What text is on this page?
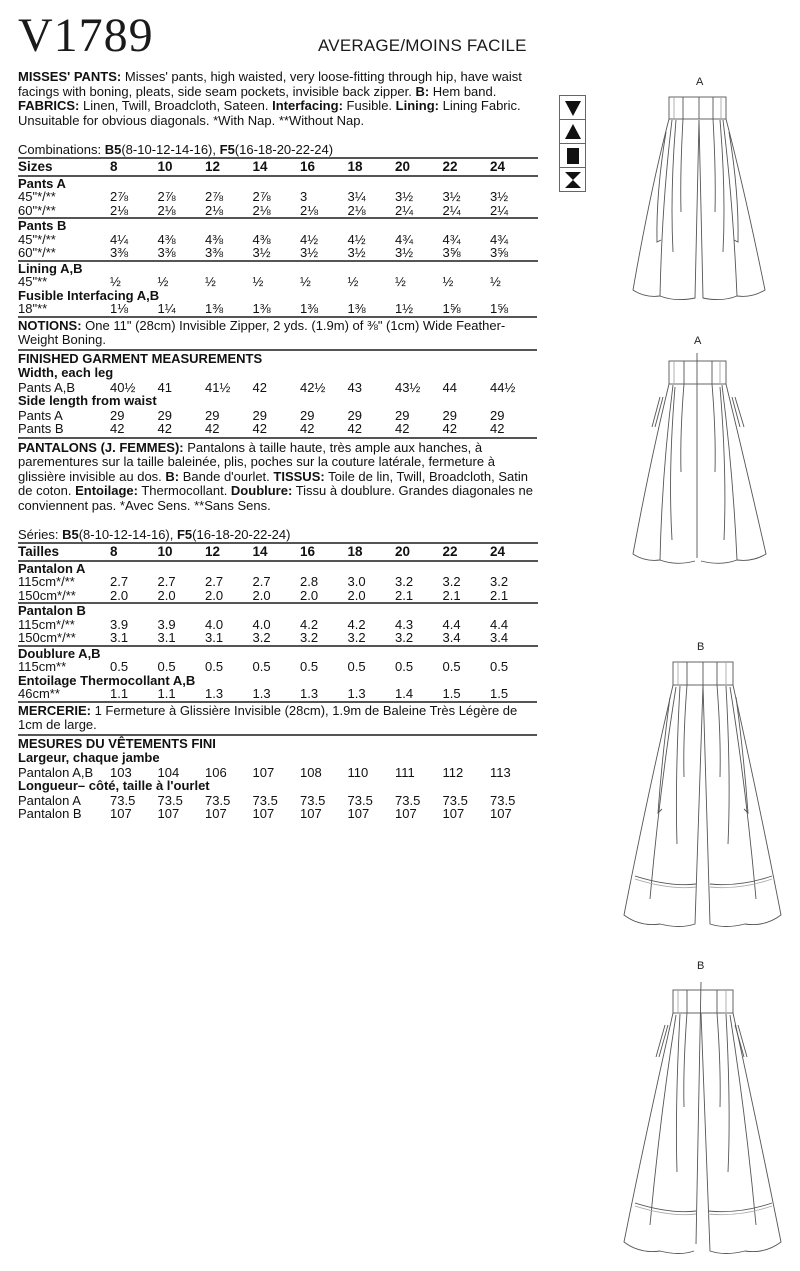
V1789	AVERAGE/MOINS FACILE

MISSES' PANTS: Misses' pants, high waisted, very loose-fitting through hip, have waist facings with boning, pleats, side seam pockets, invisible back zipper. B: Hem band. FABRICS: Linen, Twill, Broadcloth, Sateen. Interfacing: Fusible. Lining: Lining Fabric. Unsuitable for obvious diagonals. *With Nap. **Without Nap.

Combinations: B5(8-10-12-14-16), F5(16-18-20-22-24)
Sizes	8	10	12	14	16	18	20	22	24
Pants A									
45"*/**	2⅞	2⅞	2⅞	2⅞	3	3¼	3½	3½	3½
60"*/**	2⅛	2⅛	2⅛	2⅛	2⅛	2⅛	2¼	2¼	2¼
Pants B									
45"*/**	4¼	4⅜	4⅜	4⅜	4½	4½	4¾	4¾	4¾
60"*/**	3⅜	3⅜	3⅜	3½	3½	3½	3½	3⅝	3⅝
Lining A,B									
45"**	½	½	½	½	½	½	½	½	½
Fusible Interfacing A,B									
18"**	1⅛	1¼	1⅜	1⅜	1⅜	1⅜	1½	1⅝	1⅝

NOTIONS: One 11" (28cm) Invisible Zipper, 2 yds. (1.9m) of ⅜" (1cm) Wide Feather-Weight Boning.

FINISHED GARMENT MEASUREMENTS
Width, each leg
Pants A,B	40½	41	41½	42	42½	43	43½	44	44½
Side length from waist
Pants A	29	29	29	29	29	29	29	29	29
Pants B	42	42	42	42	42	42	42	42	42

PANTALONS (J. FEMMES): Pantalons à taille haute, très ample aux hanches, à parementures sur la taille baleinée, plis, poches sur la couture latérale, fermeture à glissière invisible au dos. B: Bande d'ourlet. TISSUS: Toile de lin, Twill, Broadcloth, Satin de coton. Entoilage: Thermocollant. Doublure: Tissu à doublure. Grandes diagonales ne conviennent pas. *Avec Sens. **Sans Sens.

Séries: B5(8-10-12-14-16), F5(16-18-20-22-24)
Tailles	8	10	12	14	16	18	20	22	24
Pantalon A									
115cm*/**	2.7	2.7	2.7	2.7	2.8	3.0	3.2	3.2	3.2
150cm*/**	2.0	2.0	2.0	2.0	2.0	2.0	2.1	2.1	2.1
Pantalon B									
115cm*/**	3.9	3.9	4.0	4.0	4.2	4.2	4.3	4.4	4.4
150cm*/**	3.1	3.1	3.1	3.2	3.2	3.2	3.2	3.4	3.4
Doublure A,B									
115cm**	0.5	0.5	0.5	0.5	0.5	0.5	0.5	0.5	0.5
Entoilage Thermocollant A,B									
46cm**	1.1	1.1	1.3	1.3	1.3	1.3	1.4	1.5	1.5

MERCERIE: 1 Fermeture à Glissière Invisible (28cm), 1.9m de Baleine Très Légère de 1cm de large.

MESURES DU VÊTEMENTS FINI
Largeur, chaque jambe
Pantalon A,B	103	104	106	107	108	110	111	112	113
Longueur– côté, taille à l'ourlet
Pantalon A	73.5	73.5	73.5	73.5	73.5	73.5	73.5	73.5	73.5
Pantalon B	107	107	107	107	107	107	107	107	107
A
A
B
B
